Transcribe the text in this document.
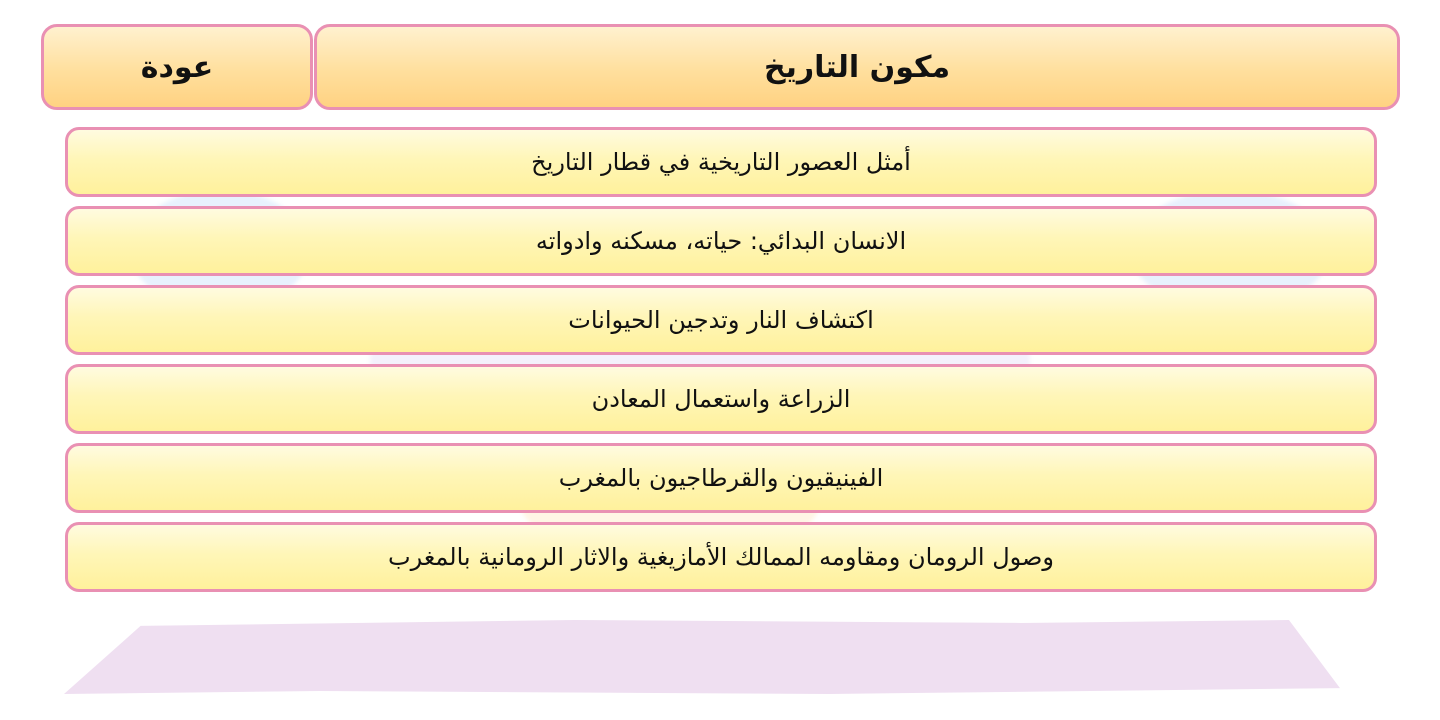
عودة	مكون التاريخ
أمثل العصور التاريخية في قطار التاريخ
الانسان البدائي: حياته، مسكنه وادواته
اكتشاف النار وتدجين الحيوانات
الزراعة واستعمال المعادن
الفينيقيون والقرطاجيون بالمغرب
وصول الرومان ومقاومه الممالك الأمازيغية والاثار الرومانية بالمغرب
